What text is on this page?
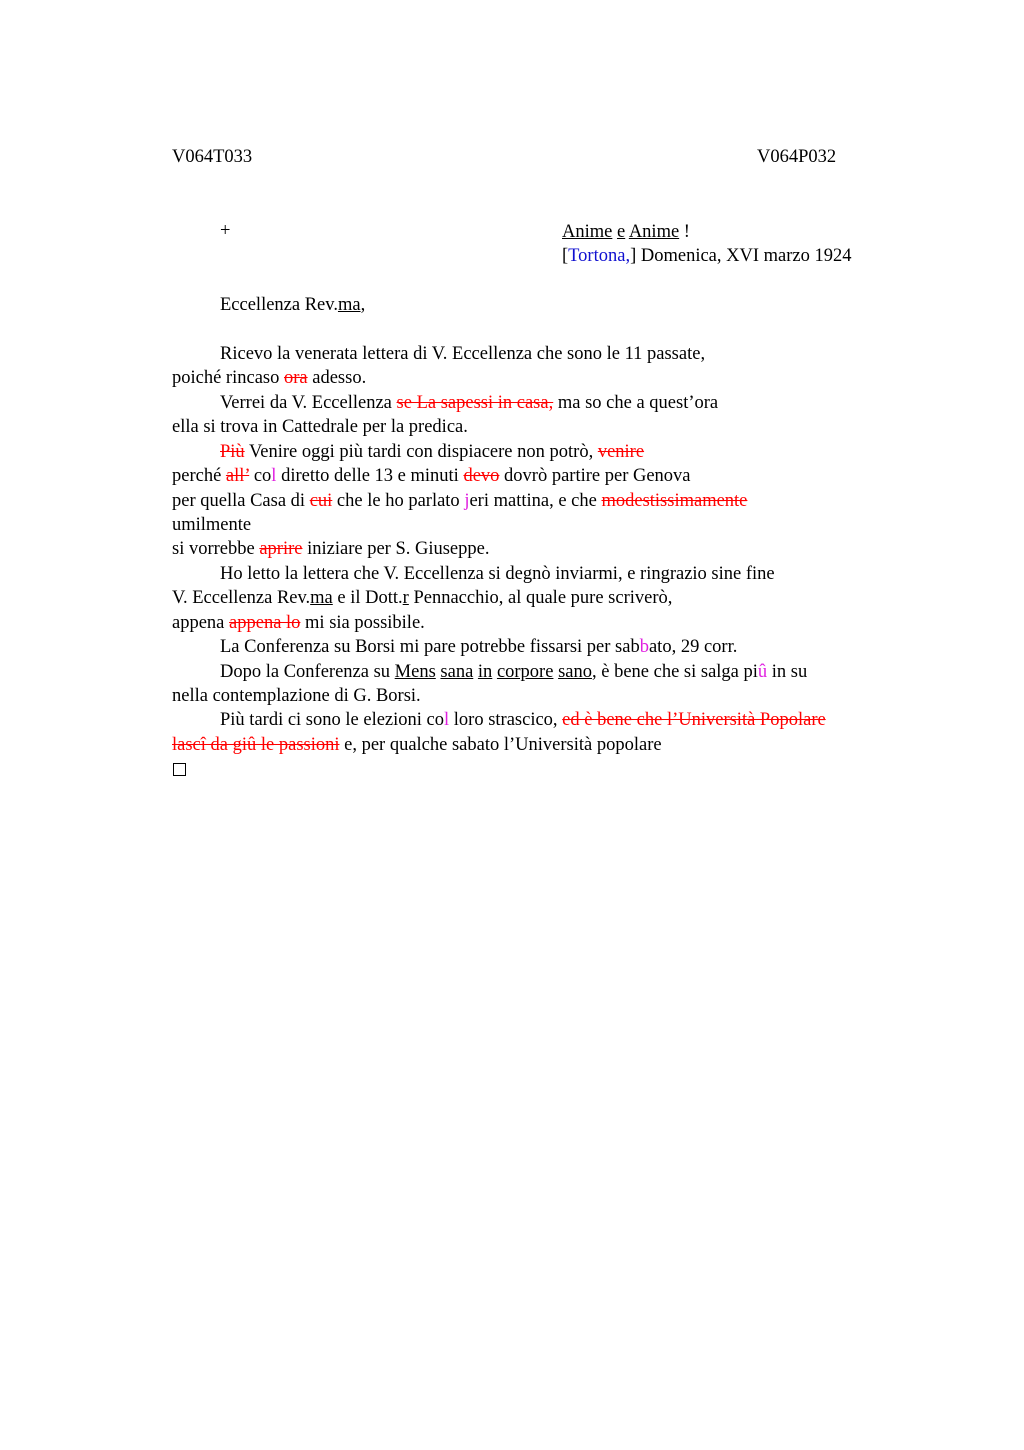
V064T033	V064P032
+	Anime e Anime !
[Tortona,] Domenica, XVI marzo 1924
Eccellenza Rev.ma,
Ricevo la venerata lettera di V. Eccellenza che sono le 11 passate,
poiché rincaso ora adesso.
Verrei da V. Eccellenza se La sapessi in casa, ma so che a quest’ora
ella si trova in Cattedrale per la predica.
Più Venire oggi più tardi con dispiacere non potrò, venire
perché all’ col diretto delle 13 e minuti devo dovrò partire per Genova
per quella Casa di cui che le ho parlato jeri mattina, e che modestissimamente
umilmente
si vorrebbe aprire iniziare per S. Giuseppe.
Ho letto la lettera che V. Eccellenza si degnò inviarmi, e ringrazio sine fine
V. Eccellenza Rev.ma e il Dott.r Pennacchio, al quale pure scriverò,
appena appena lo mi sia possibile.
La Conferenza su Borsi mi pare potrebbe fissarsi per sabbato, 29 corr.
Dopo la Conferenza su Mens sana in corpore sano, è bene che si salga piû in su
nella contemplazione di G. Borsi.
Più tardi ci sono le elezioni col loro strascico, ed è bene che l’Università Popolare
lascî da giû le passioni e, per qualche sabato l’Università popolare
